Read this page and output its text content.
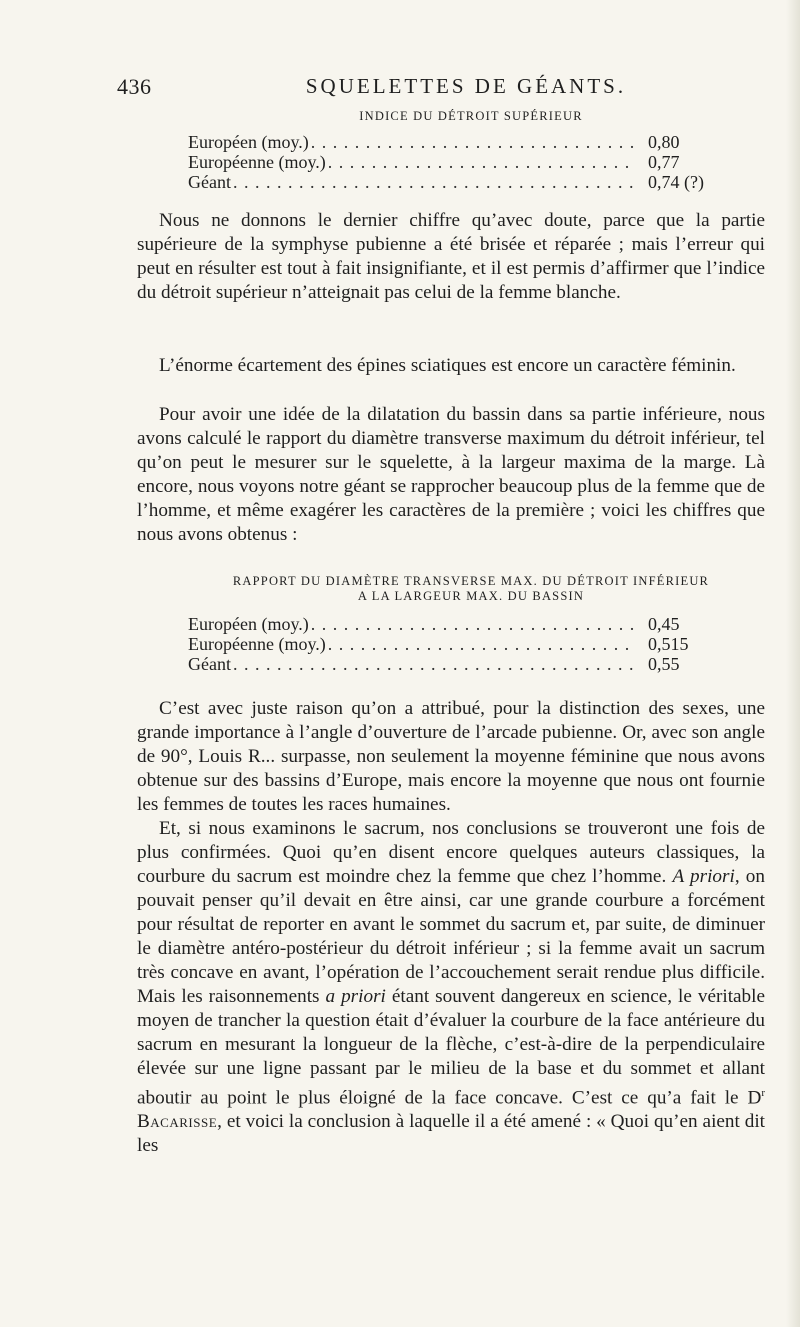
436	SQUELETTES DE GÉANTS.
INDICE DU DÉTROIT SUPÉRIEUR
Européen (moy.) . . .	0,80
Européenne (moy.) . . .	0,77
Géant . . .	0,74 (?)

Nous ne donnons le dernier chiffre qu’avec doute, parce que la partie supérieure de la symphyse pubienne a été brisée et réparée ; mais l’erreur qui peut en résulter est tout à fait insignifiante, et il est permis d’affirmer que l’indice du détroit supérieur n’atteignait pas celui de la femme blanche.

L’énorme écartement des épines sciatiques est encore un caractère féminin.

Pour avoir une idée de la dilatation du bassin dans sa partie inférieure, nous avons calculé le rapport du diamètre transverse maximum du détroit inférieur, tel qu’on peut le mesurer sur le squelette, à la largeur maxima de la marge. Là encore, nous voyons notre géant se rapprocher beaucoup plus de la femme que de l’homme, et même exagérer les caractères de la première ; voici les chiffres que nous avons obtenus :

RAPPORT DU DIAMÈTRE TRANSVERSE MAX. DU DÉTROIT INFÉRIEUR
A LA LARGEUR MAX. DU BASSIN
Européen (moy.) . . .	0,45
Européenne (moy.) . . .	0,515
Géant . . .	0,55

C’est avec juste raison qu’on a attribué, pour la distinction des sexes, une grande importance à l’angle d’ouverture de l’arcade pubienne. Or, avec son angle de 90°, Louis R... surpasse, non seulement la moyenne féminine que nous avons obtenue sur des bassins d’Europe, mais encore la moyenne que nous ont fournie les femmes de toutes les races humaines.

Et, si nous examinons le sacrum, nos conclusions se trouveront une fois de plus confirmées. Quoi qu’en disent encore quelques auteurs classiques, la courbure du sacrum est moindre chez la femme que chez l’homme. A priori, on pouvait penser qu’il devait en être ainsi, car une grande courbure a forcément pour résultat de reporter en avant le sommet du sacrum et, par suite, de diminuer le diamètre antéro-postérieur du détroit inférieur ; si la femme avait un sacrum très concave en avant, l’opération de l’accouchement serait rendue plus difficile. Mais les raisonnements a priori étant souvent dangereux en science, le véritable moyen de trancher la question était d’évaluer la courbure de la face antérieure du sacrum en mesurant la longueur de la flèche, c’est-à-dire de la perpendiculaire élevée sur une ligne passant par le milieu de la base et du sommet et allant aboutir au point le plus éloigné de la face concave. C’est ce qu’a fait le $D^r$ Bacarisse, et voici la conclusion à laquelle il a été amené : « Quoi qu’en aient dit les
